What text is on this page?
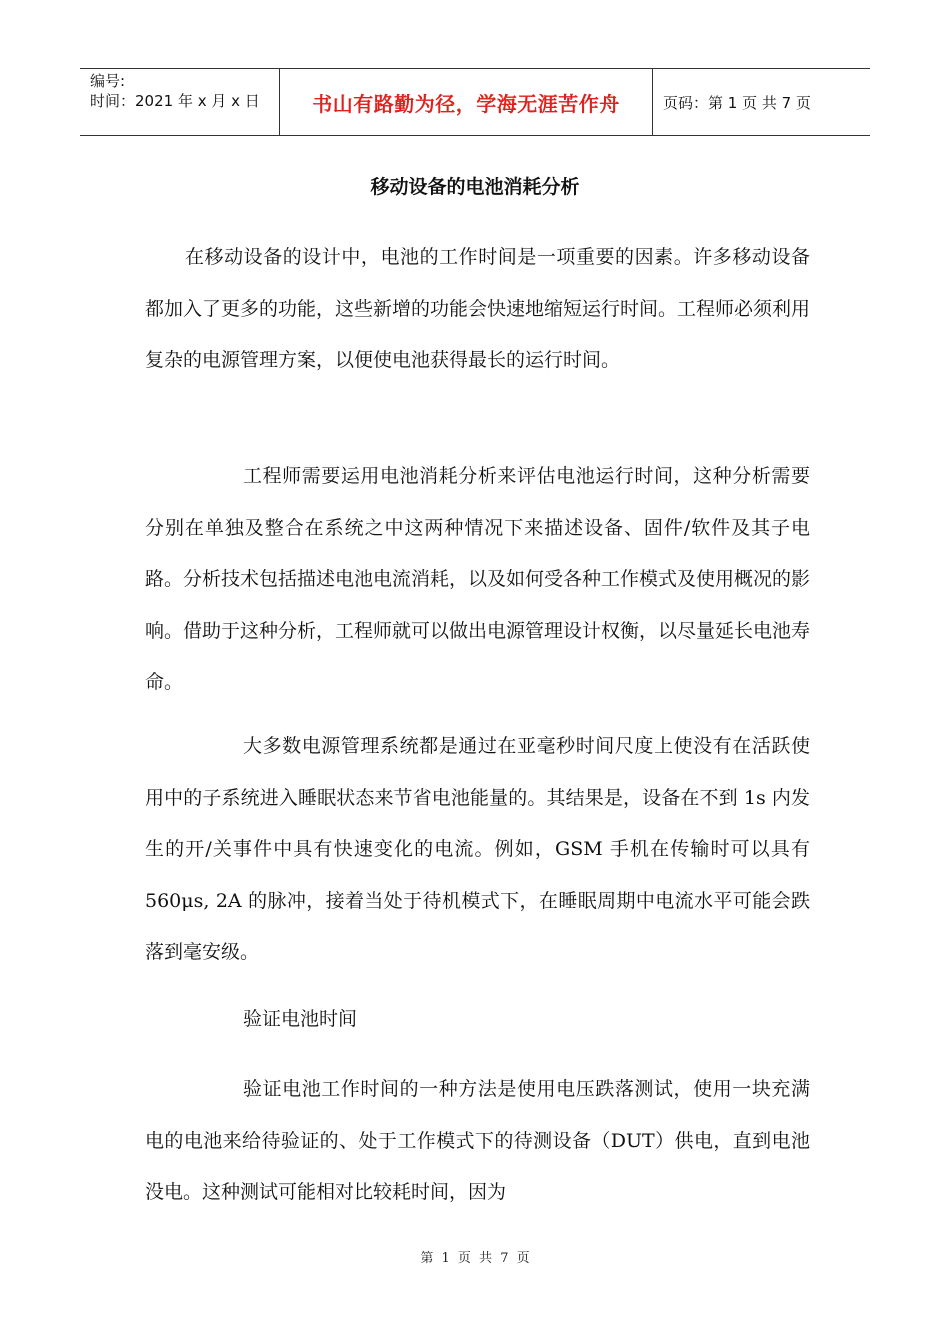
编号:
时间：2021 年 x 月 x 日	书山有路勤为径，学海无涯苦作舟	页码：第 1 页 共 7 页
移动设备的电池消耗分析

在移动设备的设计中，电池的工作时间是一项重要的因素。许多移动设备都加入了更多的功能，这些新增的功能会快速地缩短运行时间。工程师必须利用复杂的电源管理方案，以便使电池获得最长的运行时间。

工程师需要运用电池消耗分析来评估电池运行时间，这种分析需要分别在单独及整合在系统之中这两种情况下来描述设备、固件/软件及其子电路。分析技术包括描述电池电流消耗，以及如何受各种工作模式及使用概况的影响。借助于这种分析，工程师就可以做出电源管理设计权衡，以尽量延长电池寿命。

大多数电源管理系统都是通过在亚毫秒时间尺度上使没有在活跃使用中的子系统进入睡眠状态来节省电池能量的。其结果是，设备在不到 1s 内发生的开/关事件中具有快速变化的电流。例如，GSM 手机在传输时可以具有 560μs, 2A 的脉冲，接着当处于待机模式下，在睡眠周期中电流水平可能会跌落到毫安级。

验证电池时间

验证电池工作时间的一种方法是使用电压跌落测试，使用一块充满电的电池来给待验证的、处于工作模式下的待测设备（DUT）供电，直到电池没电。这种测试可能相对比较耗时间，因为

第 1 页 共 7 页
